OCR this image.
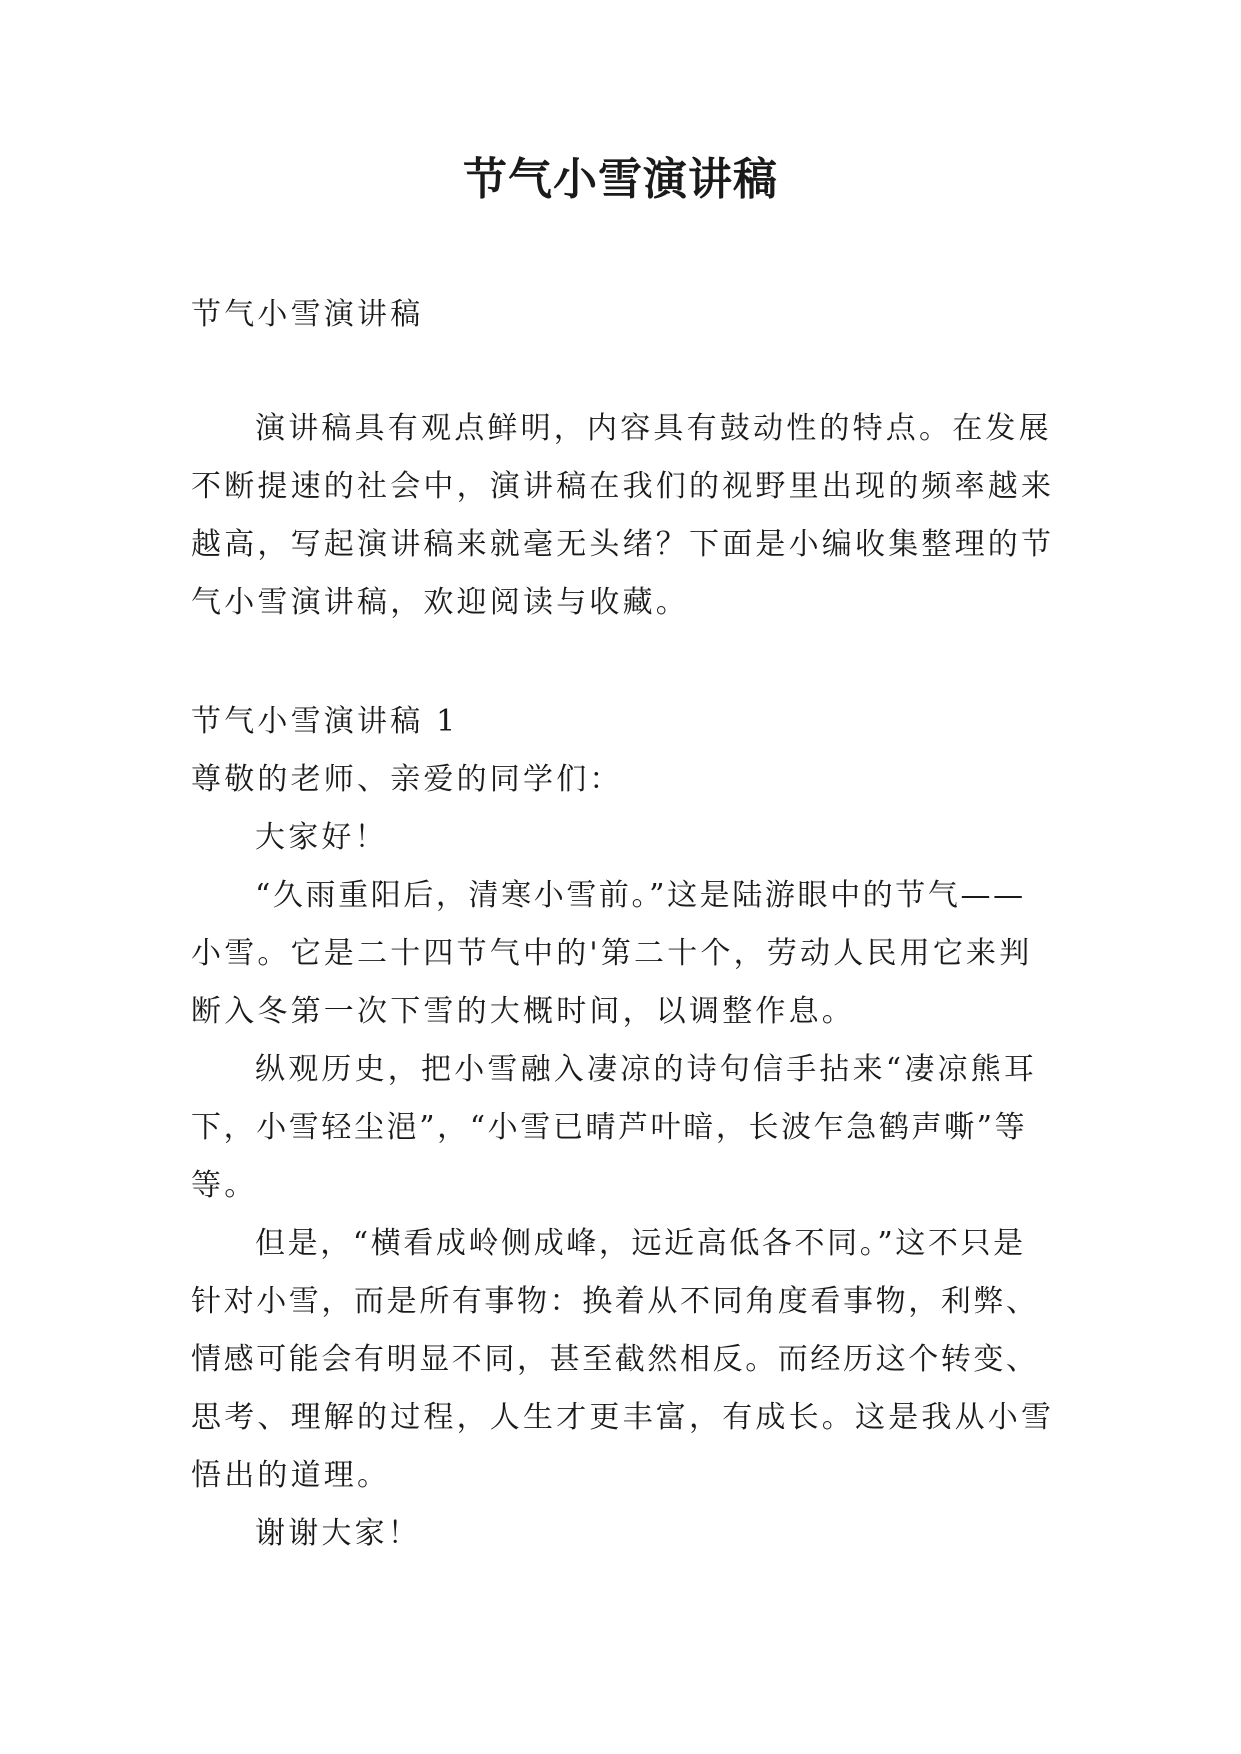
节气小雪演讲稿
节气小雪演讲稿
演讲稿具有观点鲜明，内容具有鼓动性的特点。在发展
不断提速的社会中，演讲稿在我们的视野里出现的频率越来
越高，写起演讲稿来就毫无头绪？下面是小编收集整理的节
气小雪演讲稿，欢迎阅读与收藏。
节气小雪演讲稿 1
尊敬的老师、亲爱的同学们：
大家好！
“久雨重阳后，清寒小雪前。”这是陆游眼中的节气——
小雪。它是二十四节气中的'第二十个，劳动人民用它来判
断入冬第一次下雪的大概时间，以调整作息。
纵观历史，把小雪融入凄凉的诗句信手拈来“凄凉熊耳
下，小雪轻尘浥”，“小雪已晴芦叶暗，长波乍急鹤声嘶”等
等。
但是，“横看成岭侧成峰，远近高低各不同。”这不只是
针对小雪，而是所有事物：换着从不同角度看事物，利弊、
情感可能会有明显不同，甚至截然相反。而经历这个转变、
思考、理解的过程，人生才更丰富，有成长。这是我从小雪
悟出的道理。
谢谢大家！
